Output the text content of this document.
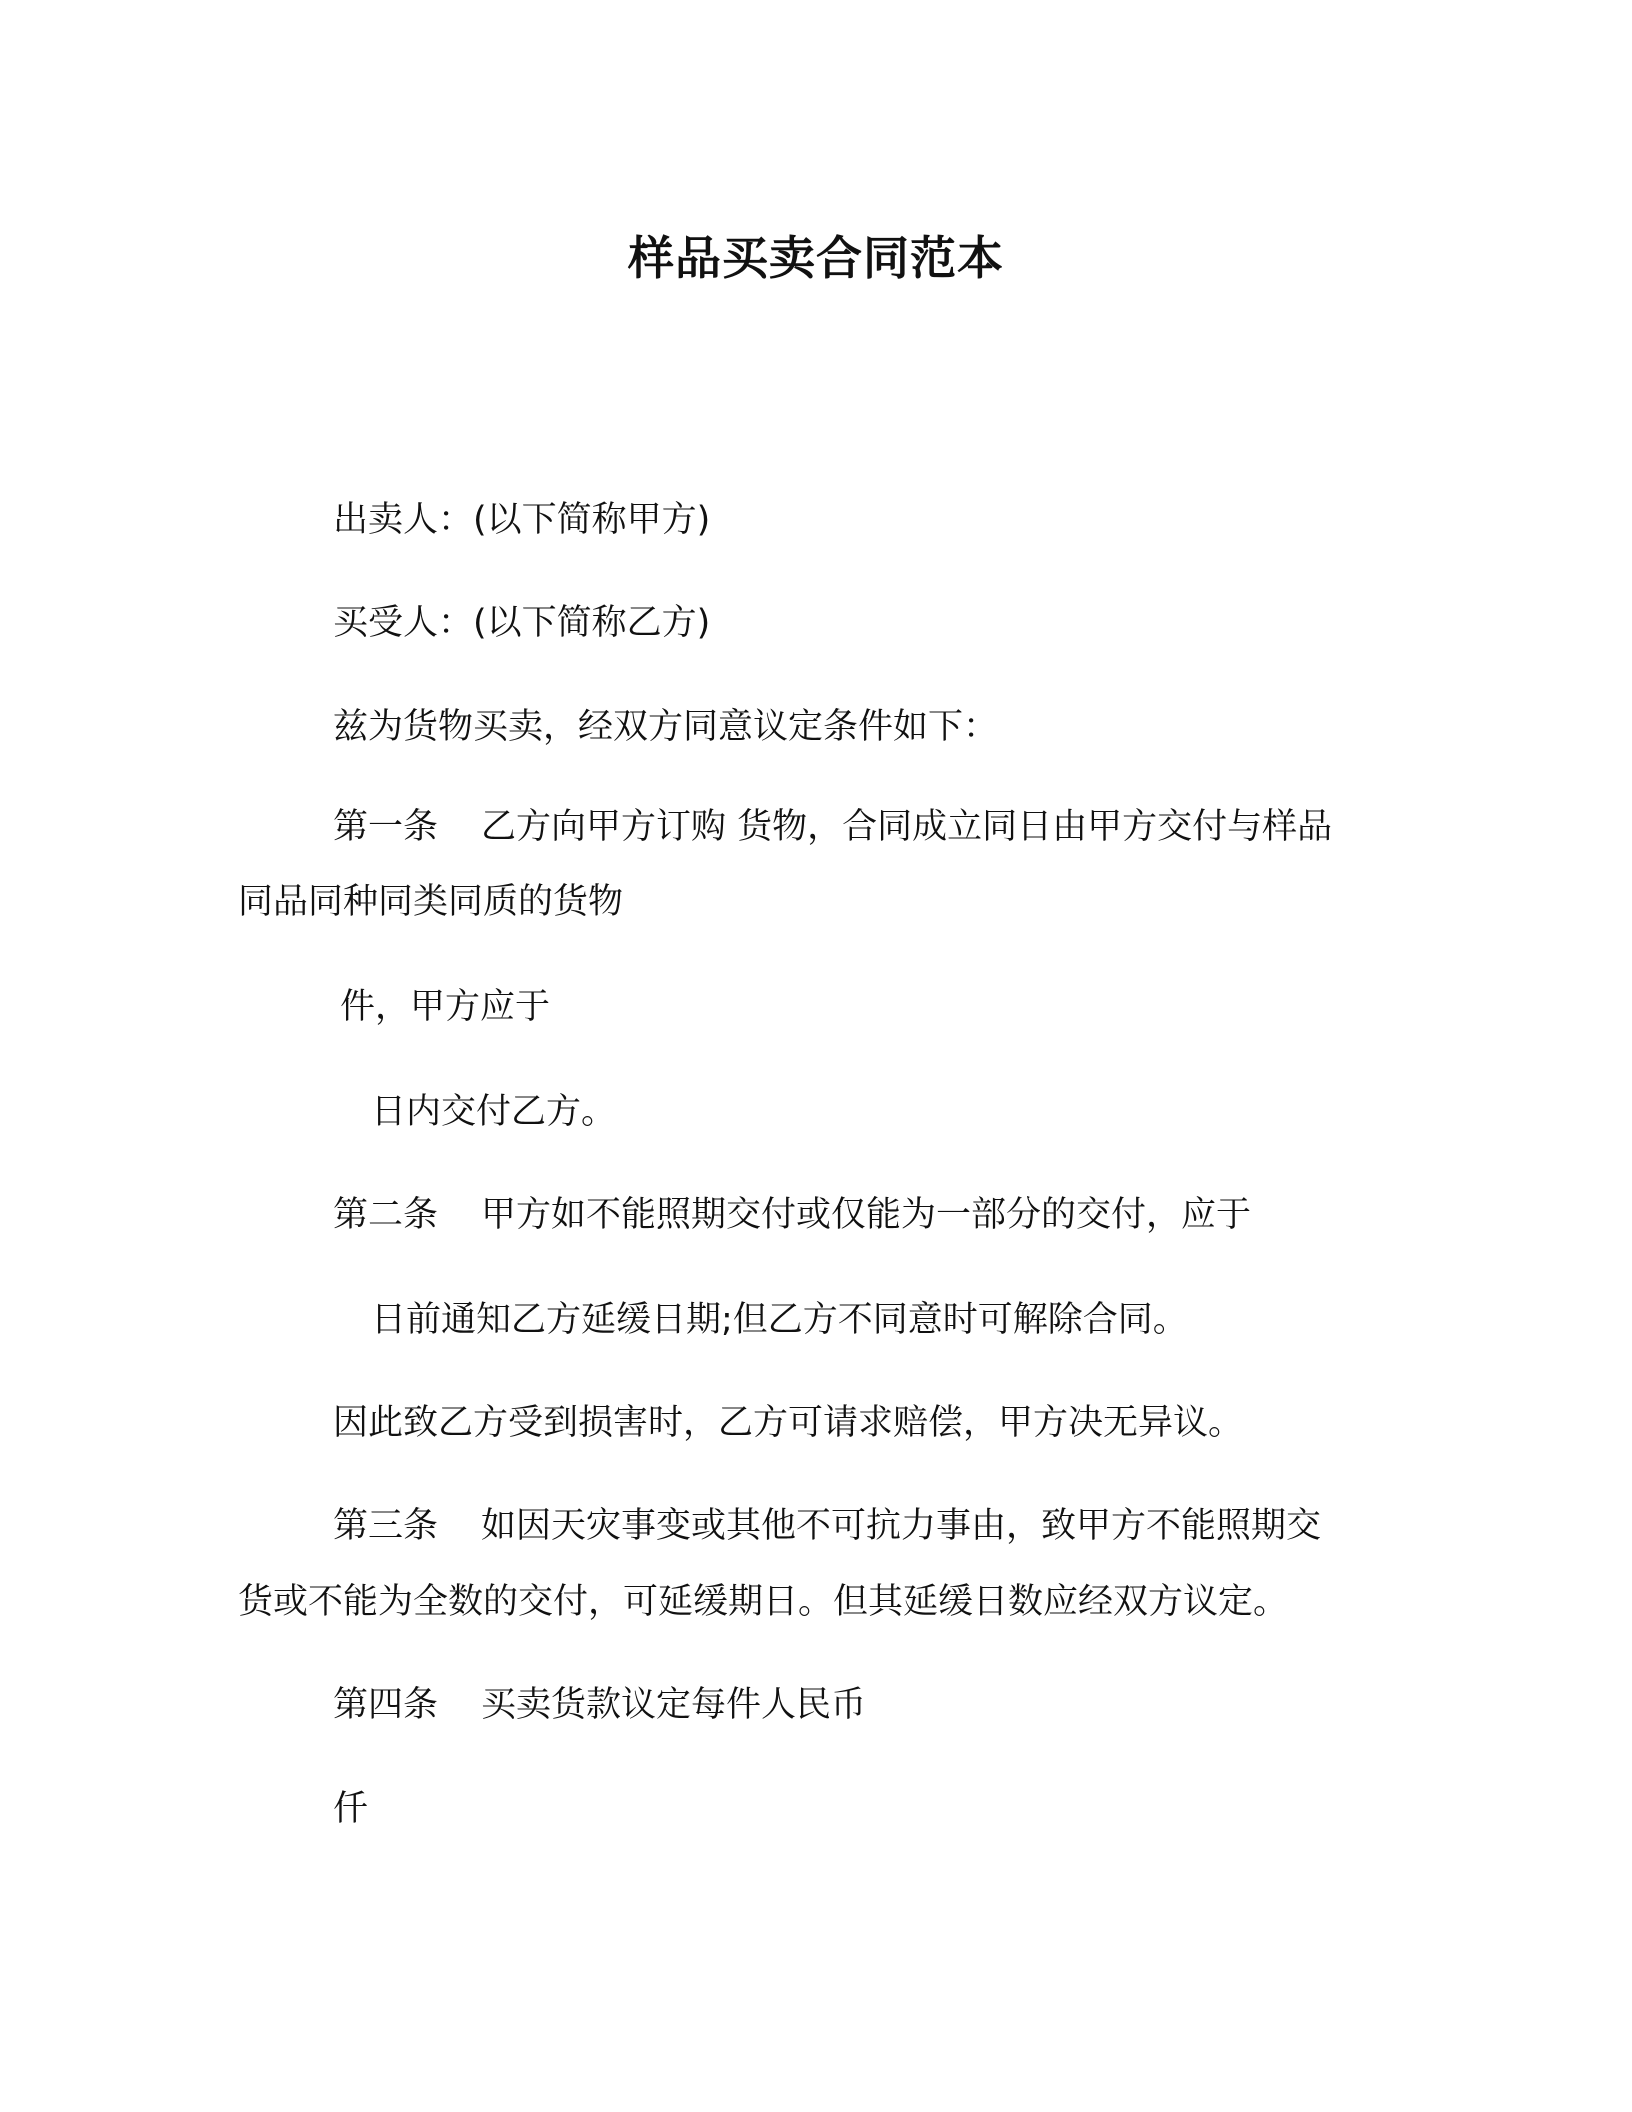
样品买卖合同范本

出卖人：(以下简称甲方)

买受人：(以下简称乙方)

兹为货物买卖，经双方同意议定条件如下：

第一条 乙方向甲方订购 货物，合同成立同日由甲方交付与样品

同品同种同类同质的货物

件，甲方应于

日内交付乙方。

第二条 甲方如不能照期交付或仅能为一部分的交付，应于

日前通知乙方延缓日期;但乙方不同意时可解除合同。

因此致乙方受到损害时，乙方可请求赔偿，甲方决无异议。

第三条 如因天灾事变或其他不可抗力事由，致甲方不能照期交

货或不能为全数的交付，可延缓期日。但其延缓日数应经双方议定。

第四条 买卖货款议定每件人民币

仟
